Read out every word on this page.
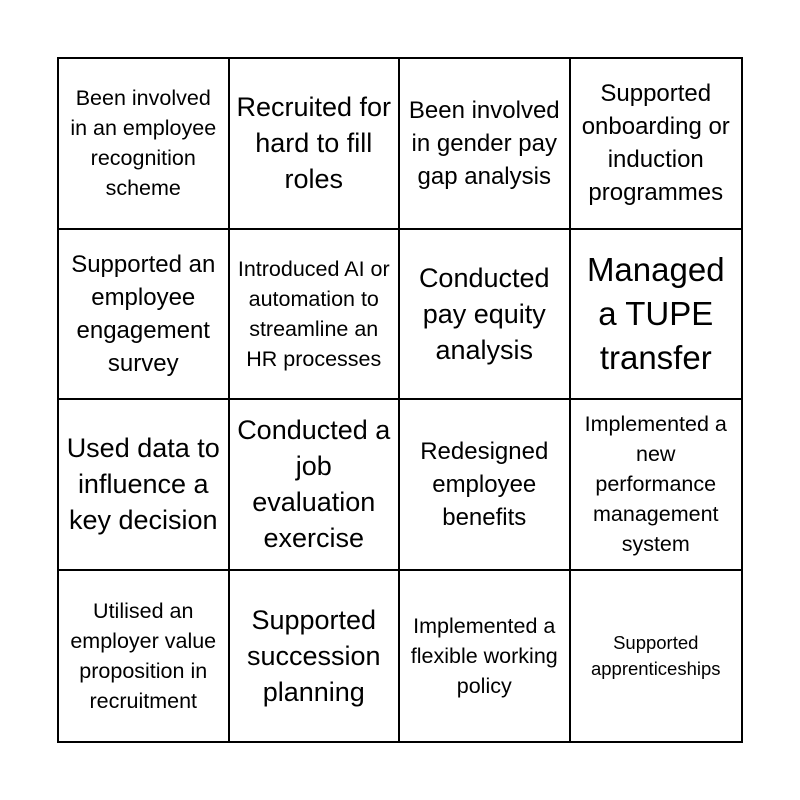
Been involved in an employee recognition scheme
Recruited for hard to fill roles
Been involved in gender pay gap analysis
Supported onboarding or induction programmes
Supported an employee engagement survey
Introduced AI or automation to streamline an HR processes
Conducted pay equity analysis
Managed a TUPE transfer
Used data to influence a key decision
Conducted a job evaluation exercise
Redesigned employee benefits
Implemented a new performance management system
Utilised an employer value proposition in recruitment
Supported succession planning
Implemented a flexible working policy
Supported apprenticeships
